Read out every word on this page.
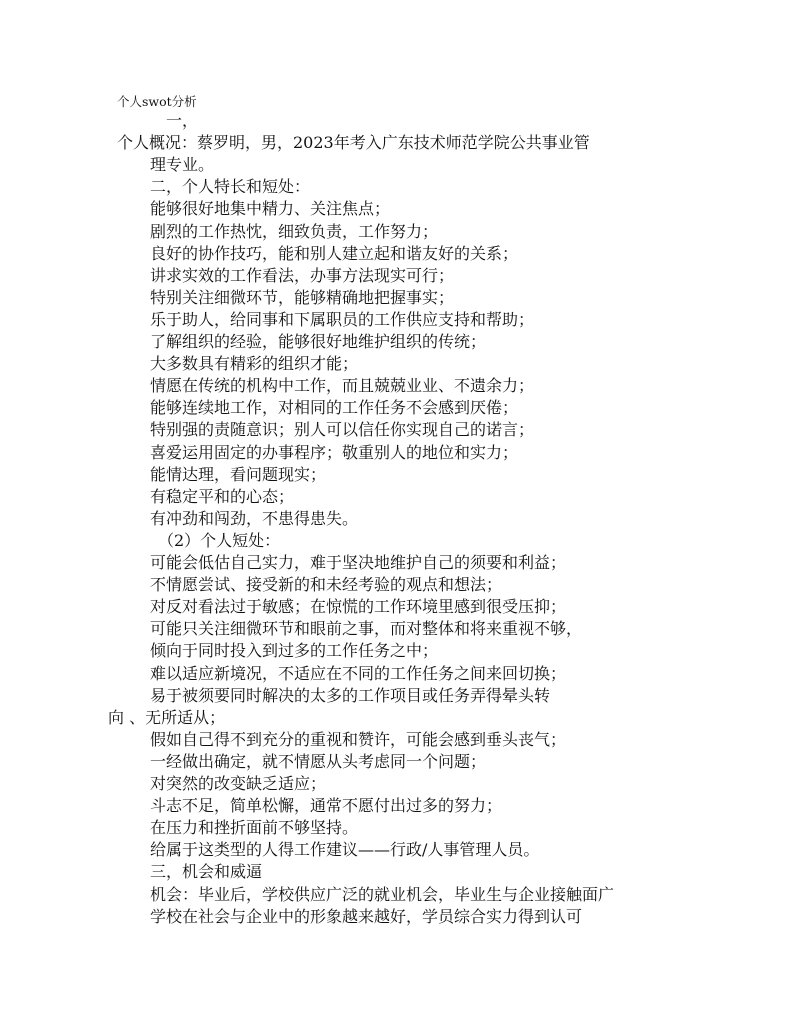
个人swot分析
一，
个人概况：蔡罗明，男，2023年考入广东技术师范学院公共事业管
理专业。
二，个人特长和短处：
能够很好地集中精力、关注焦点；
剧烈的工作热忱，细致负责，工作努力；
良好的协作技巧，能和别人建立起和谐友好的关系；
讲求实效的工作看法，办事方法现实可行；
特别关注细微环节，能够精确地把握事实；
乐于助人，给同事和下属职员的工作供应支持和帮助；
了解组织的经验，能够很好地维护组织的传统；
大多数具有精彩的组织才能；
情愿在传统的机构中工作，而且兢兢业业、不遗余力；
能够连续地工作，对相同的工作任务不会感到厌倦；
特别强的责随意识；别人可以信任你实现自己的诺言；
喜爱运用固定的办事程序；敬重别人的地位和实力；
能情达理，看问题现实；
有稳定平和的心态；
有冲劲和闯劲，不患得患失。
（2）个人短处：
可能会低估自己实力，难于坚决地维护自己的须要和利益；
不情愿尝试、接受新的和未经考验的观点和想法；
对反对看法过于敏感；在惊慌的工作环境里感到很受压抑；
可能只关注细微环节和眼前之事，而对整体和将来重视不够，
倾向于同时投入到过多的工作任务之中；
难以适应新境况，不适应在不同的工作任务之间来回切换；
易于被须要同时解决的太多的工作项目或任务弄得晕头转
向 、无所适从；
假如自己得不到充分的重视和赞许，可能会感到垂头丧气；
一经做出确定，就不情愿从头考虑同一个问题；
对突然的改变缺乏适应；
斗志不足，简单松懈，通常不愿付出过多的努力；
在压力和挫折面前不够坚持。
给属于这类型的人得工作建议——行政/人事管理人员。
三，机会和威逼
机会：毕业后，学校供应广泛的就业机会，毕业生与企业接触面广
学校在社会与企业中的形象越来越好，学员综合实力得到认可
